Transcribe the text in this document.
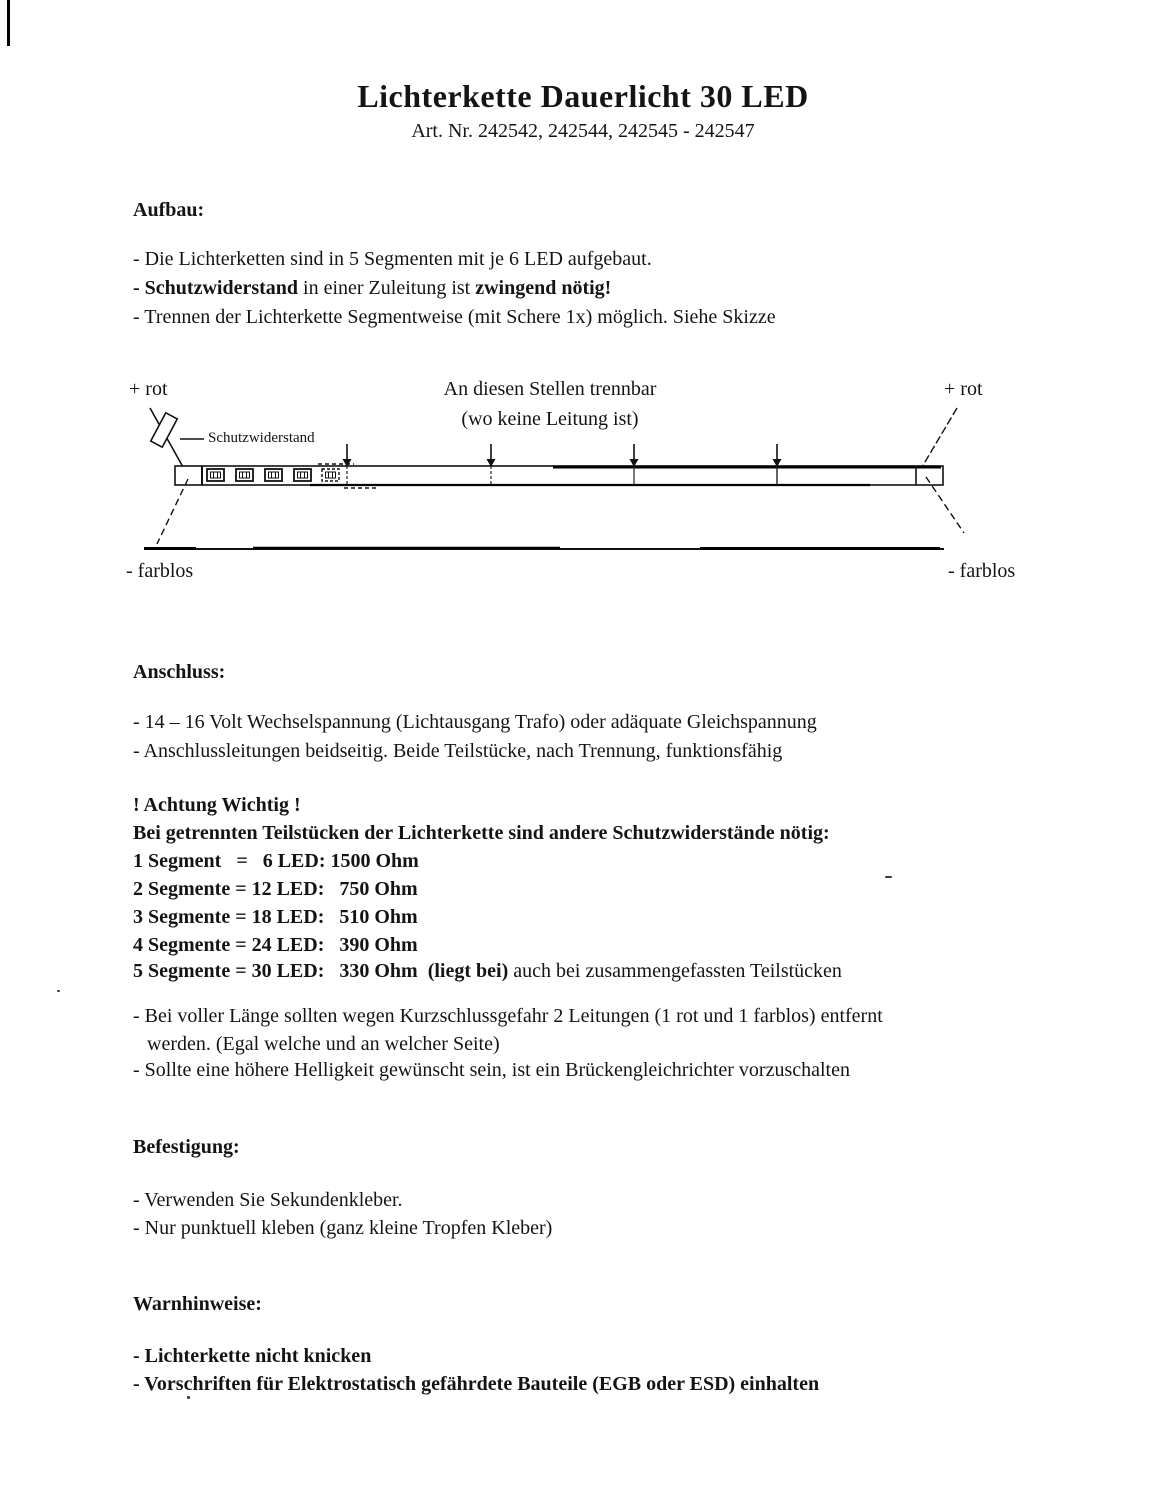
Lichterkette Dauerlicht 30 LED
Art. Nr. 242542, 242544, 242545 - 242547
Aufbau:
- Die Lichterketten sind in 5 Segmenten mit je 6 LED aufgebaut.
- Schutzwiderstand in einer Zuleitung ist zwingend nötig!
- Trennen der Lichterkette Segmentweise (mit Schere 1x) möglich. Siehe Skizze
+ rot	An diesen Stellen trennbar
(wo keine Leitung ist)
+ rot
Schutzwiderstand
- farblos	- farblos
Anschluss:
- 14 – 16 Volt Wechselspannung (Lichtausgang Trafo) oder adäquate Gleichspannung
- Anschlussleitungen beidseitig. Beide Teilstücke, nach Trennung, funktionsfähig
! Achtung Wichtig !
Bei getrennten Teilstücken der Lichterkette sind andere Schutzwiderstände nötig:
1 Segment   =   6 LED: 1500 Ohm
2 Segmente = 12 LED:   750 Ohm
3 Segmente = 18 LED:   510 Ohm
4 Segmente = 24 LED:   390 Ohm
5 Segmente = 30 LED:   330 Ohm  (liegt bei) auch bei zusammengefassten Teilstücken
- Bei voller Länge sollten wegen Kurzschlussgefahr 2 Leitungen (1 rot und 1 farblos) entfernt
werden. (Egal welche und an welcher Seite)
- Sollte eine höhere Helligkeit gewünscht sein, ist ein Brückengleichrichter vorzuschalten
Befestigung:
- Verwenden Sie Sekundenkleber.
- Nur punktuell kleben (ganz kleine Tropfen Kleber)
Warnhinweise:
- Lichterkette nicht knicken
- Vorschriften für Elektrostatisch gefährdete Bauteile (EGB oder ESD) einhalten
